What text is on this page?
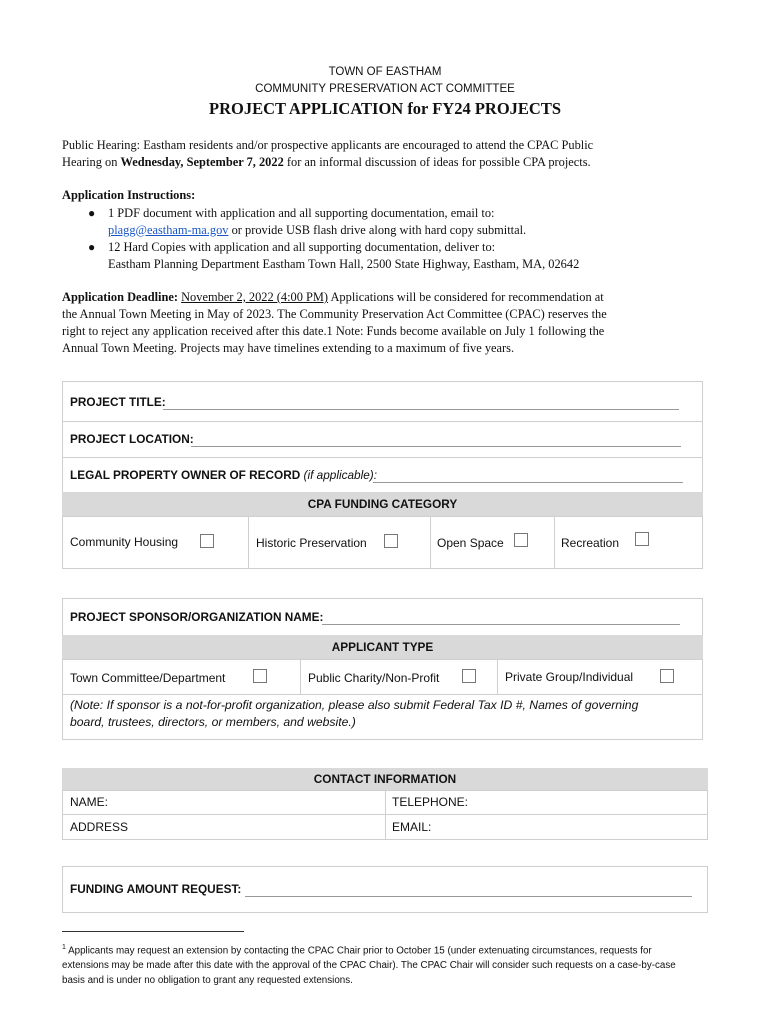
TOWN OF EASTHAM
COMMUNITY PRESERVATION ACT COMMITTEE
PROJECT APPLICATION for FY24 PROJECTS
Public Hearing: Eastham residents and/or prospective applicants are encouraged to attend the CPAC Public
Hearing on Wednesday, September 7, 2022 for an informal discussion of ideas for possible CPA projects.
Application Instructions:
● 1 PDF document with application and all supporting documentation, email to:
plagg@eastham-ma.gov or provide USB flash drive along with hard copy submittal.
● 12 Hard Copies with application and all supporting documentation, deliver to:
Eastham Planning Department Eastham Town Hall, 2500 State Highway, Eastham, MA, 02642
Application Deadline: November 2, 2022 (4:00 PM) Applications will be considered for recommendation at
the Annual Town Meeting in May of 2023. The Community Preservation Act Committee (CPAC) reserves the
right to reject any application received after this date.1 Note: Funds become available on July 1 following the
Annual Town Meeting. Projects may have timelines extending to a maximum of five years.
PROJECT TITLE:
PROJECT LOCATION:
LEGAL PROPERTY OWNER OF RECORD (if applicable):
CPA FUNDING CATEGORY
Community Housing	Historic Preservation	Open Space	Recreation
PROJECT SPONSOR/ORGANIZATION NAME:
APPLICANT TYPE
Town Committee/Department	Public Charity/Non-Profit	Private Group/Individual
(Note: If sponsor is a not-for-profit organization, please also submit Federal Tax ID #, Names of governing
board, trustees, directors, or members, and website.)
CONTACT INFORMATION
NAME:	TELEPHONE:
ADDRESS	EMAIL:
FUNDING AMOUNT REQUEST:
$^1$ Applicants may request an extension by contacting the CPAC Chair prior to October 15 (under extenuating circumstances, requests for
extensions may be made after this date with the approval of the CPAC Chair). The CPAC Chair will consider such requests on a case-by-case
basis and is under no obligation to grant any requested extensions.
